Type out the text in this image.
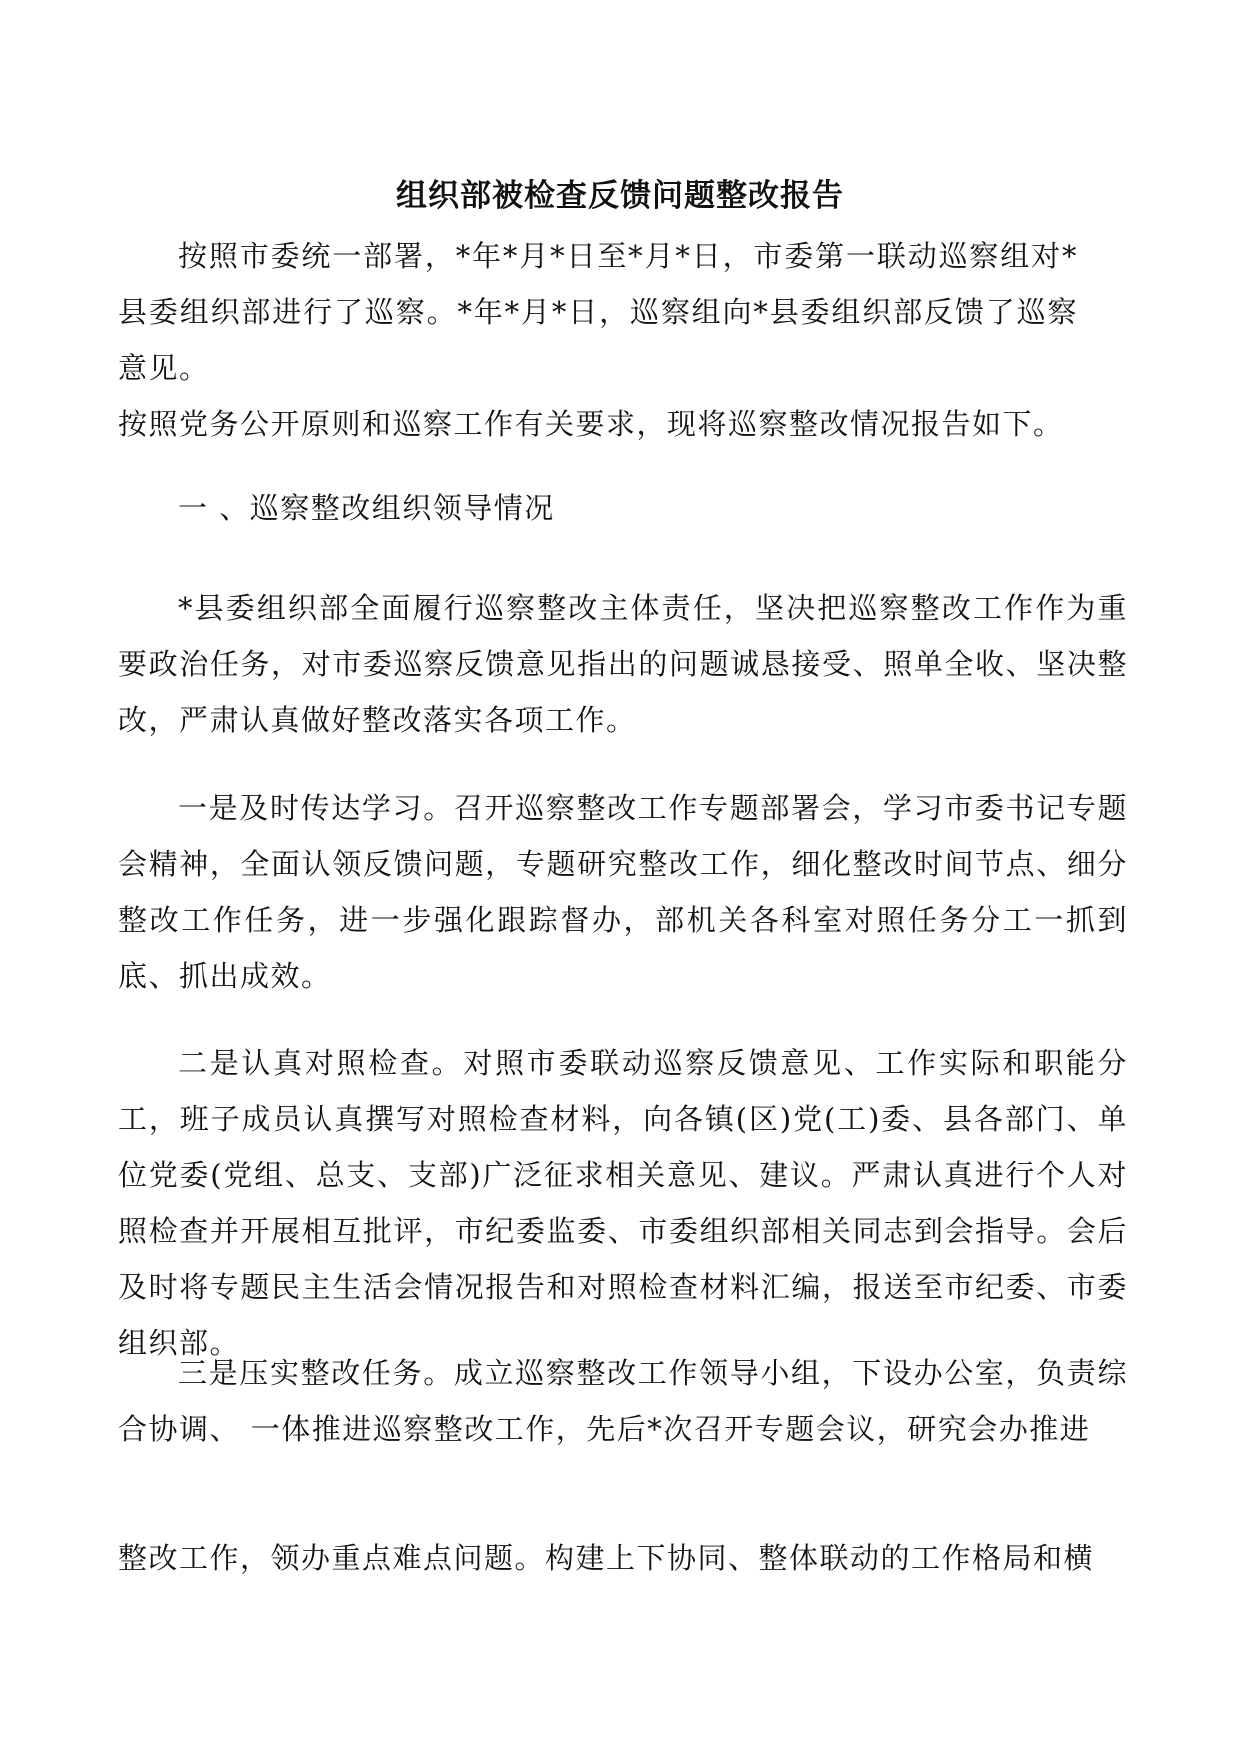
组织部被检查反馈问题整改报告

按照市委统一部署，*年*月*日至*月*日，市委第一联动巡察组对*县委组织部进行了巡察。*年*月*日，巡察组向*县委组织部反馈了巡察意见。

按照党务公开原则和巡察工作有关要求，现将巡察整改情况报告如下。

一 、巡察整改组织领导情况

*县委组织部全面履行巡察整改主体责任，坚决把巡察整改工作作为重要政治任务，对市委巡察反馈意见指出的问题诚恳接受、照单全收、坚决整改，严肃认真做好整改落实各项工作。

一是及时传达学习。召开巡察整改工作专题部署会，学习市委书记专题会精神，全面认领反馈问题，专题研究整改工作，细化整改时间节点、细分整改工作任务，进一步强化跟踪督办，部机关各科室对照任务分工一抓到底、抓出成效。

二是认真对照检查。对照市委联动巡察反馈意见、工作实际和职能分工，班子成员认真撰写对照检查材料，向各镇(区)党(工)委、县各部门、单位党委(党组、总支、支部)广泛征求相关意见、建议。严肃认真进行个人对照检查并开展相互批评，市纪委监委、市委组织部相关同志到会指导。会后及时将专题民主生活会情况报告和对照检查材料汇编，报送至市纪委、市委组织部。

三是压实整改任务。成立巡察整改工作领导小组，下设办公室，负责综合协调、 一体推进巡察整改工作，先后*次召开专题会议，研究会办推进

整改工作，领办重点难点问题。构建上下协同、整体联动的工作格局和横
